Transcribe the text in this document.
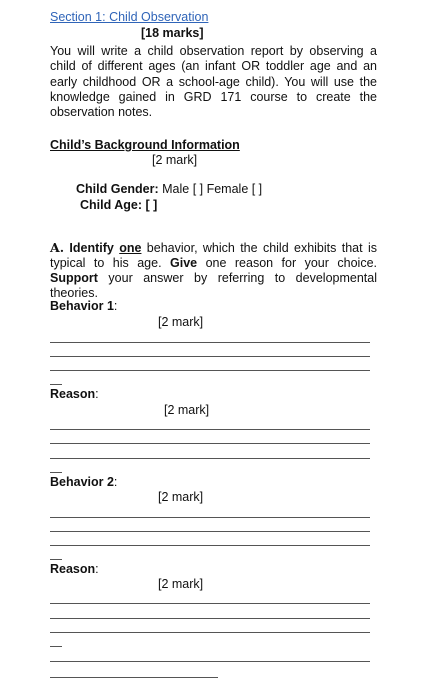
Section 1: Child Observation
[18 marks]
You will write a child observation report by observing a child of different ages (an infant OR toddler age and an early childhood OR a school-age child). You will use the knowledge gained in GRD 171 course to create the observation notes.
Child’s Background Information
[2 mark]
Child Gender: Male [ ] Female [ ]
Child Age: [ ]
A. Identify one behavior, which the child exhibits that is typical to his age. Give one reason for your choice. Support your answer by referring to developmental theories.
Behavior 1:
[2 mark]
Reason:
[2 mark]
Behavior 2:
[2 mark]
Reason:
[2 mark]
